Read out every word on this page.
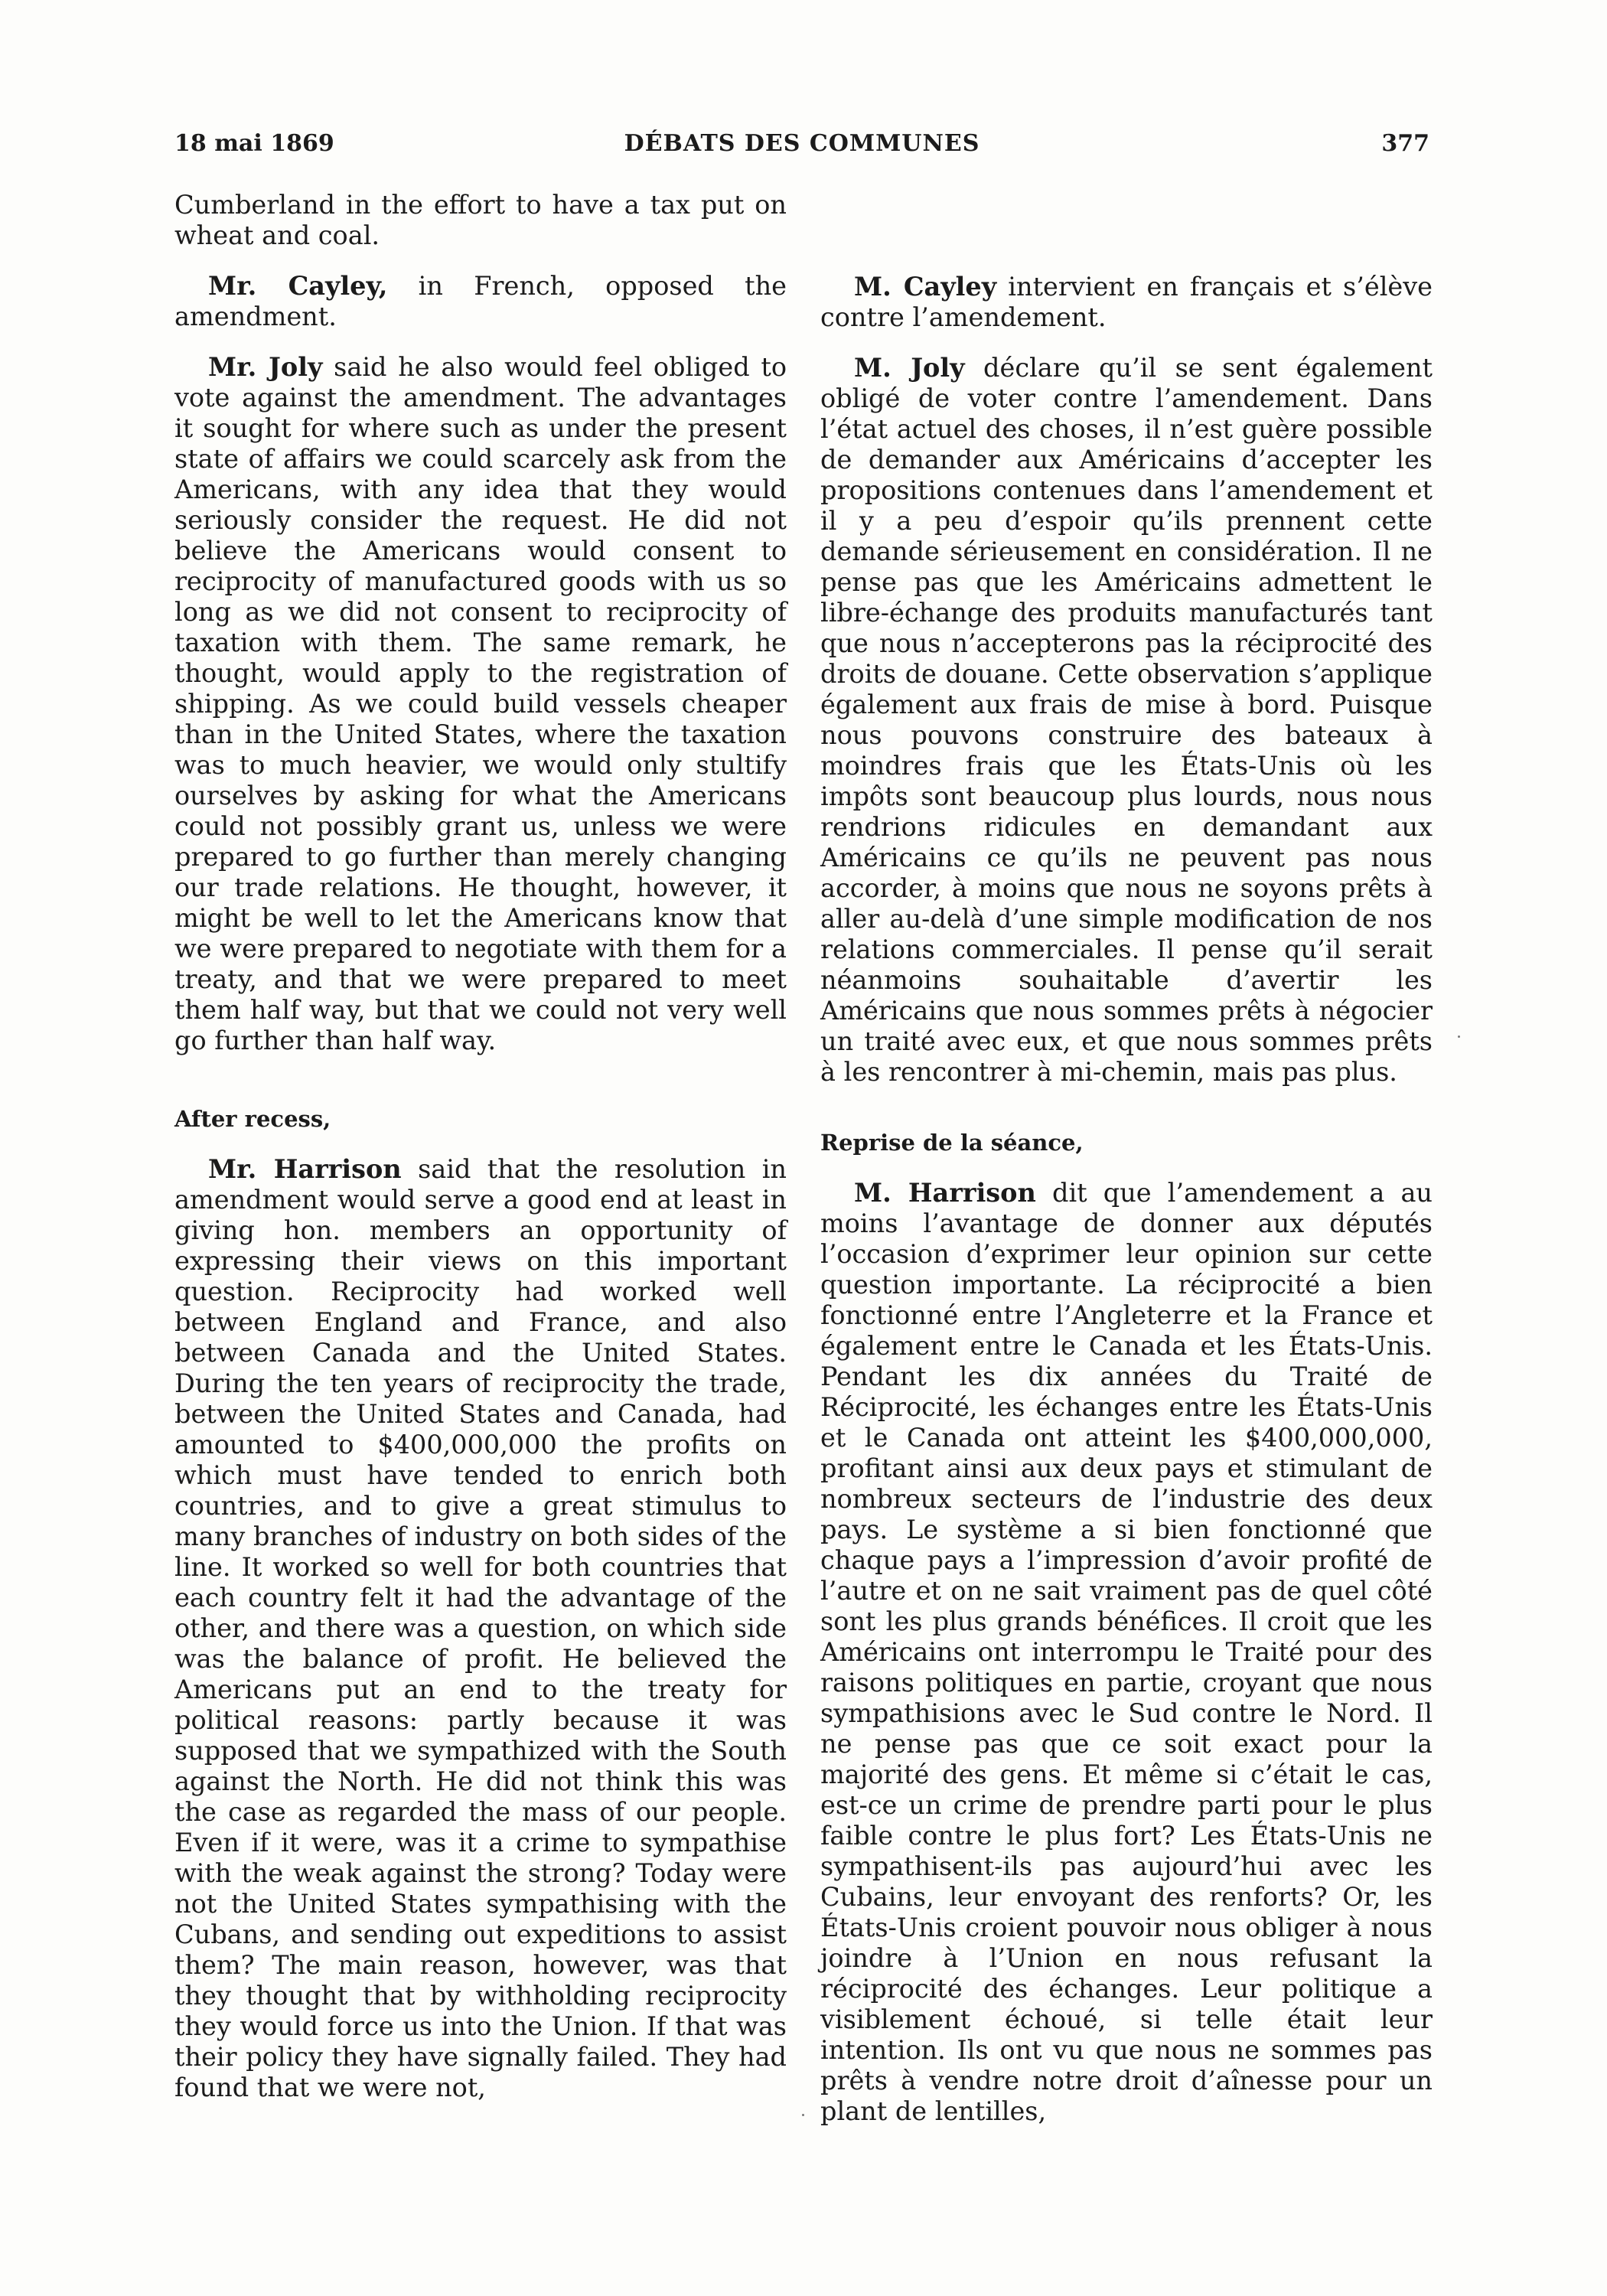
18 mai 1869	DÉBATS DES COMMUNES	377

Cumberland in the effort to have a tax put on wheat and coal.

Mr. Cayley, in French, opposed the amendment.

Mr. Joly said he also would feel obliged to vote against the amendment. The advantages it sought for where such as under the present state of affairs we could scarcely ask from the Americans, with any idea that they would seriously consider the request. He did not believe the Americans would consent to reciprocity of manufactured goods with us so long as we did not consent to reciprocity of taxation with them. The same remark, he thought, would apply to the registration of shipping. As we could build vessels cheaper than in the United States, where the taxation was to much heavier, we would only stultify ourselves by asking for what the Americans could not possibly grant us, unless we were prepared to go further than merely changing our trade relations. He thought, however, it might be well to let the Americans know that we were prepared to negotiate with them for a treaty, and that we were prepared to meet them half way, but that we could not very well go further than half way.

After recess,

Mr. Harrison said that the resolution in amendment would serve a good end at least in giving hon. members an opportunity of expressing their views on this important question. Reciprocity had worked well between England and France, and also between Canada and the United States. During the ten years of reciprocity the trade, between the United States and Canada, had amounted to $400,000,000 the profits on which must have tended to enrich both countries, and to give a great stimulus to many branches of industry on both sides of the line. It worked so well for both countries that each country felt it had the advantage of the other, and there was a question, on which side was the balance of profit. He believed the Americans put an end to the treaty for political reasons: partly because it was supposed that we sympathized with the South against the North. He did not think this was the case as regarded the mass of our people. Even if it were, was it a crime to sympathise with the weak against the strong? Today were not the United States sympathising with the Cubans, and sending out expeditions to assist them? The main reason, however, was that they thought that by withholding reciprocity they would force us into the Union. If that was their policy they have signally failed. They had found that we were not,

M. Cayley intervient en français et s’élève contre l’amendement.

M. Joly déclare qu’il se sent également obligé de voter contre l’amendement. Dans l’état actuel des choses, il n’est guère possible de demander aux Américains d’accepter les propositions contenues dans l’amendement et il y a peu d’espoir qu’ils prennent cette demande sérieusement en considération. Il ne pense pas que les Américains admettent le libre-échange des produits manufacturés tant que nous n’accepterons pas la réciprocité des droits de douane. Cette observation s’applique également aux frais de mise à bord. Puisque nous pouvons construire des bateaux à moindres frais que les États-Unis où les impôts sont beaucoup plus lourds, nous nous rendrions ridicules en demandant aux Américains ce qu’ils ne peuvent pas nous accorder, à moins que nous ne soyons prêts à aller au-delà d’une simple modification de nos relations commerciales. Il pense qu’il serait néanmoins souhaitable d’avertir les Américains que nous sommes prêts à négocier un traité avec eux, et que nous sommes prêts à les rencontrer à mi-chemin, mais pas plus.

Reprise de la séance,

M. Harrison dit que l’amendement a au moins l’avantage de donner aux députés l’occasion d’exprimer leur opinion sur cette question importante. La réciprocité a bien fonctionné entre l’Angleterre et la France et également entre le Canada et les États-Unis. Pendant les dix années du Traité de Réciprocité, les échanges entre les États-Unis et le Canada ont atteint les $400,000,000, profitant ainsi aux deux pays et stimulant de nombreux secteurs de l’industrie des deux pays. Le système a si bien fonctionné que chaque pays a l’impression d’avoir profité de l’autre et on ne sait vraiment pas de quel côté sont les plus grands bénéfices. Il croit que les Américains ont interrompu le Traité pour des raisons politiques en partie, croyant que nous sympathisions avec le Sud contre le Nord. Il ne pense pas que ce soit exact pour la majorité des gens. Et même si c’était le cas, est-ce un crime de prendre parti pour le plus faible contre le plus fort? Les États-Unis ne sympathisent-ils pas aujourd’hui avec les Cubains, leur envoyant des renforts? Or, les États-Unis croient pouvoir nous obliger à nous joindre à l’Union en nous refusant la réciprocité des échanges. Leur politique a visiblement échoué, si telle était leur intention. Ils ont vu que nous ne sommes pas prêts à vendre notre droit d’aînesse pour un plant de lentilles,
